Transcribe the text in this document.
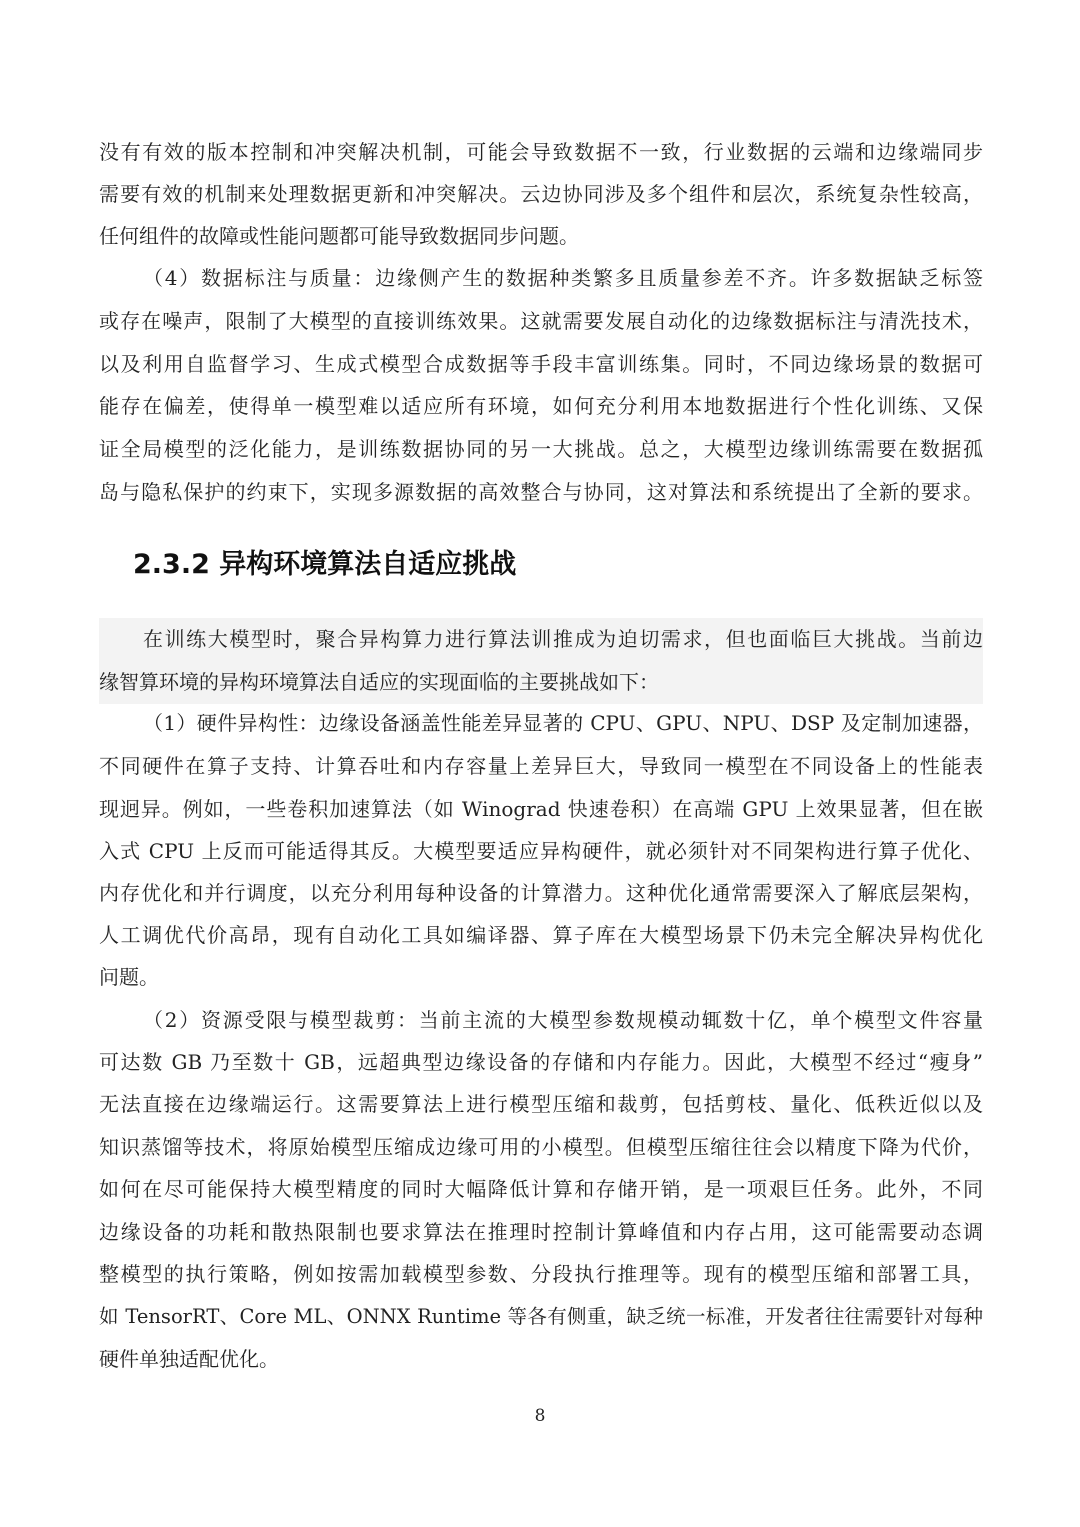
没有有效的版本控制和冲突解决机制，可能会导致数据不一致，行业数据的云端和边缘端同步
需要有效的机制来处理数据更新和冲突解决。云边协同涉及多个组件和层次，系统复杂性较高，
任何组件的故障或性能问题都可能导致数据同步问题。
（4）数据标注与质量：边缘侧产生的数据种类繁多且质量参差不齐。许多数据缺乏标签
或存在噪声，限制了大模型的直接训练效果。这就需要发展自动化的边缘数据标注与清洗技术，
以及利用自监督学习、生成式模型合成数据等手段丰富训练集。同时，不同边缘场景的数据可
能存在偏差，使得单一模型难以适应所有环境，如何充分利用本地数据进行个性化训练、又保
证全局模型的泛化能力，是训练数据协同的另一大挑战。总之，大模型边缘训练需要在数据孤
岛与隐私保护的约束下，实现多源数据的高效整合与协同，这对算法和系统提出了全新的要求。
2.3.2 异构环境算法自适应挑战
在训练大模型时，聚合异构算力进行算法训推成为迫切需求，但也面临巨大挑战。当前边
缘智算环境的异构环境算法自适应的实现面临的主要挑战如下：
（1）硬件异构性：边缘设备涵盖性能差异显著的 CPU、GPU、NPU、DSP 及定制加速器，
不同硬件在算子支持、计算吞吐和内存容量上差异巨大，导致同一模型在不同设备上的性能表
现迥异。例如，一些卷积加速算法（如 Winograd 快速卷积）在高端 GPU 上效果显著，但在嵌
入式 CPU 上反而可能适得其反。大模型要适应异构硬件，就必须针对不同架构进行算子优化、
内存优化和并行调度，以充分利用每种设备的计算潜力。这种优化通常需要深入了解底层架构，
人工调优代价高昂，现有自动化工具如编译器、算子库在大模型场景下仍未完全解决异构优化
问题。
（2）资源受限与模型裁剪：当前主流的大模型参数规模动辄数十亿，单个模型文件容量
可达数 GB 乃至数十 GB，远超典型边缘设备的存储和内存能力。因此，大模型不经过“瘦身”
无法直接在边缘端运行。这需要算法上进行模型压缩和裁剪，包括剪枝、量化、低秩近似以及
知识蒸馏等技术，将原始模型压缩成边缘可用的小模型。但模型压缩往往会以精度下降为代价，
如何在尽可能保持大模型精度的同时大幅降低计算和存储开销，是一项艰巨任务。此外，不同
边缘设备的功耗和散热限制也要求算法在推理时控制计算峰值和内存占用，这可能需要动态调
整模型的执行策略，例如按需加载模型参数、分段执行推理等。现有的模型压缩和部署工具，
如 TensorRT、Core ML、ONNX Runtime 等各有侧重，缺乏统一标准，开发者往往需要针对每种
硬件单独适配优化。
8
